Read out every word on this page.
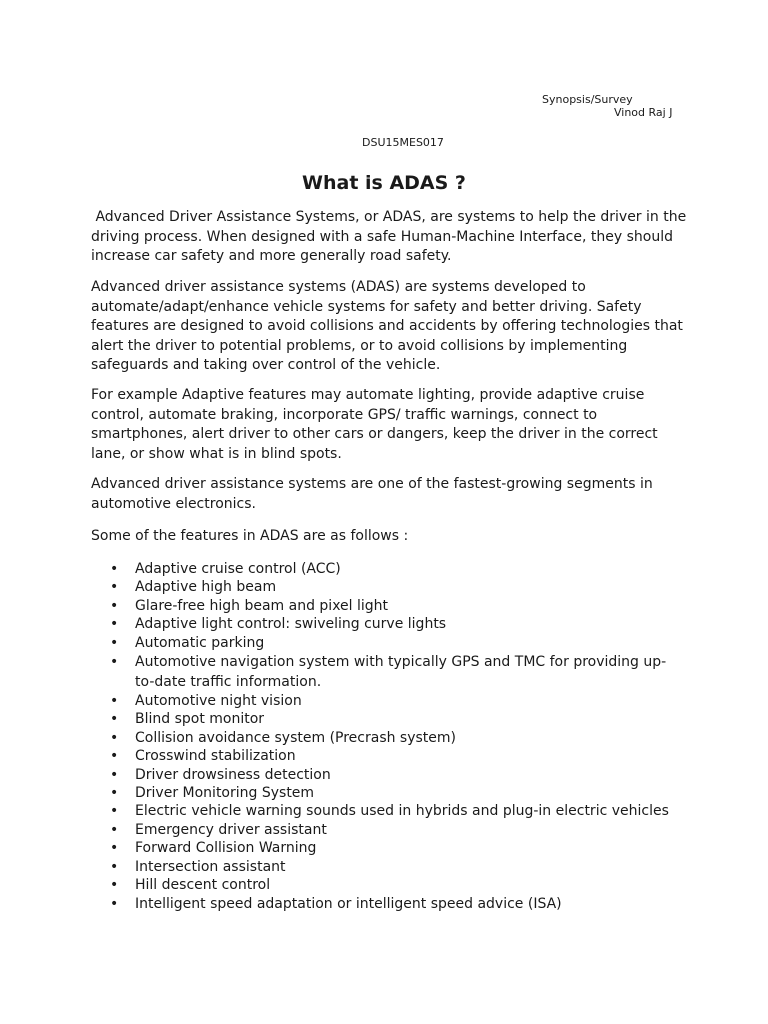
Synopsis/Survey
Vinod Raj J
DSU15MES017
What is ADAS ?

Advanced Driver Assistance Systems, or ADAS, are systems to help the driver in the driving process. When designed with a safe Human-Machine Interface, they should increase car safety and more generally road safety.

Advanced driver assistance systems (ADAS) are systems developed to automate/adapt/enhance vehicle systems for safety and better driving. Safety features are designed to avoid collisions and accidents by offering technologies that alert the driver to potential problems, or to avoid collisions by implementing safeguards and taking over control of the vehicle.

For example Adaptive features may automate lighting, provide adaptive cruise control, automate braking, incorporate GPS/ traffic warnings, connect to smartphones, alert driver to other cars or dangers, keep the driver in the correct lane, or show what is in blind spots.

Advanced driver assistance systems are one of the fastest-growing segments in automotive electronics.

Some of the features in ADAS are as follows :

• Adaptive cruise control (ACC)
• Adaptive high beam
• Glare-free high beam and pixel light
• Adaptive light control: swiveling curve lights
• Automatic parking
• Automotive navigation system with typically GPS and TMC for providing up-to-date traffic information.
• Automotive night vision
• Blind spot monitor
• Collision avoidance system (Precrash system)
• Crosswind stabilization
• Driver drowsiness detection
• Driver Monitoring System
• Electric vehicle warning sounds used in hybrids and plug-in electric vehicles
• Emergency driver assistant
• Forward Collision Warning
• Intersection assistant
• Hill descent control
• Intelligent speed adaptation or intelligent speed advice (ISA)
